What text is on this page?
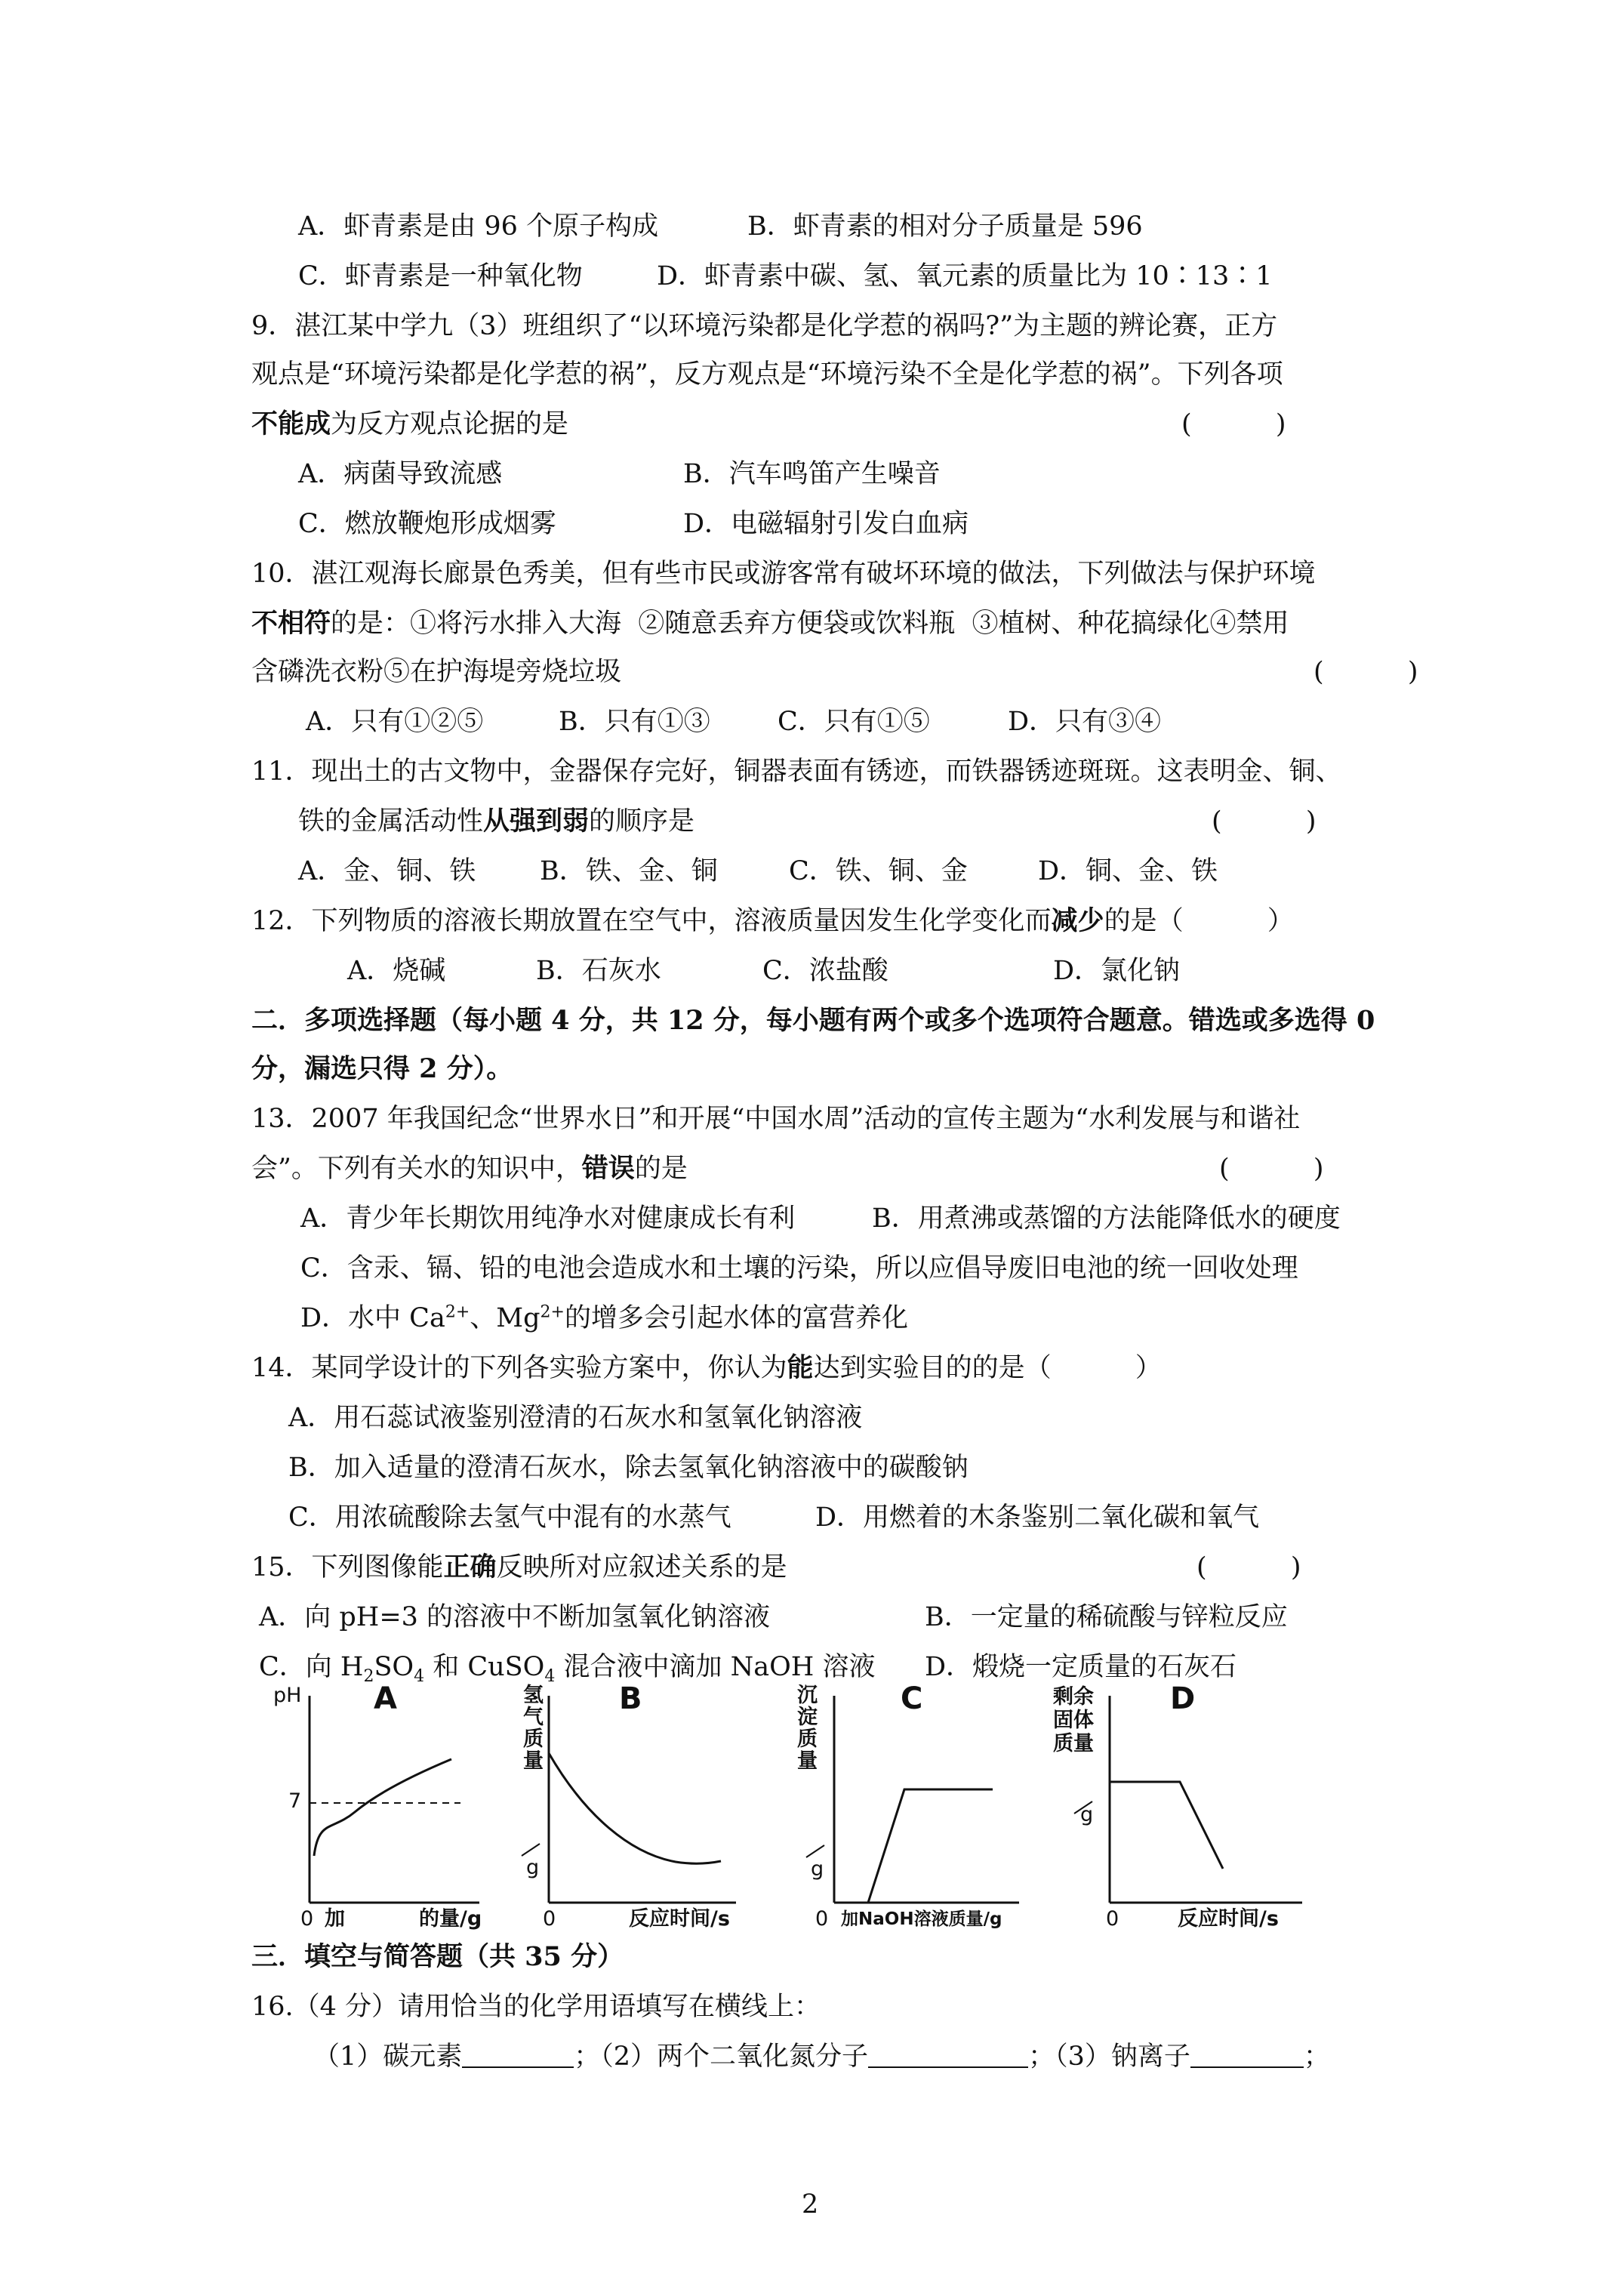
A．虾青素是由 96 个原子构成	B．虾青素的相对分子质量是 596
C．虾青素是一种氧化物	D．虾青素中碳、氢、氧元素的质量比为 10∶13∶1
9．湛江某中学九（3）班组织了“以环境污染都是化学惹的祸吗?”为主题的辨论赛，正方
观点是“环境污染都是化学惹的祸”，反方观点是“环境污染不全是化学惹的祸”。下列各项
不能成为反方观点论据的是	(          )
A．病菌导致流感	B．汽车鸣笛产生噪音
C．燃放鞭炮形成烟雾	D．电磁辐射引发白血病
10．湛江观海长廊景色秀美，但有些市民或游客常有破坏环境的做法，下列做法与保护环境
不相符的是：①将污水排入大海  ②随意丢弃方便袋或饮料瓶  ③植树、种花搞绿化④禁用
含磷洗衣粉⑤在护海堤旁烧垃圾	(          )
A．只有①②⑤	B．只有①③	C．只有①⑤	D．只有③④
11．现出土的古文物中，金器保存完好，铜器表面有锈迹，而铁器锈迹斑斑。这表明金、铜、
铁的金属活动性从强到弱的顺序是	(          )
A．金、铜、铁 B．铁、金、铜	C．铁、铜、金	D．铜、金、铁
12．下列物质的溶液长期放置在空气中，溶液质量因发生化学变化而减少的是（          ）
A．烧碱	B．石灰水	C．浓盐酸	D．氯化钠
二．多项选择题（每小题 4 分，共 12 分，每小题有两个或多个选项符合题意。错选或多选得 0
分，漏选只得 2 分）。
13．2007 年我国纪念“世界水日”和开展“中国水周”活动的宣传主题为“水利发展与和谐社
会”。下列有关水的知识中，错误的是	(          )
A．青少年长期饮用纯净水对健康成长有利	B．用煮沸或蒸馏的方法能降低水的硬度
C．含汞、镉、铅的电池会造成水和土壤的污染，所以应倡导废旧电池的统一回收处理
D．水中 $Ca^{2+}$、$Mg^{2+}$的增多会引起水体的富营养化
14．某同学设计的下列各实验方案中，你认为能达到实验目的的是（          ）
A．用石蕊试液鉴别澄清的石灰水和氢氧化钠溶液
B．加入适量的澄清石灰水，除去氢氧化钠溶液中的碳酸钠
C．用浓硫酸除去氢气中混有的水蒸气	D．用燃着的木条鉴别二氧化碳和氧气
15．下列图像能正确反映所对应叙述关系的是	(          )
A．向 pH=3 的溶液中不断加氢氧化钠溶液	B．一定量的稀硫酸与锌粒反应
C．向 $H_2SO_4$ 和 CuSO$_4$ 混合液中滴加 NaOH 溶液 D．煅烧一定质量的石灰石
pH A
7
0 加	的量/g
氢气质量
g
B
0	反应时间/s
沉淀质量
g
C
0 加NaOH溶液质量/g
剩余固体质量
g
D
0	反应时间/s
三．填空与简答题（共 35 分）
16.（4 分）请用恰当的化学用语填写在横线上：
（1）碳元素	；（2）两个二氧化氮分子	；（3）钠离子	；
2
